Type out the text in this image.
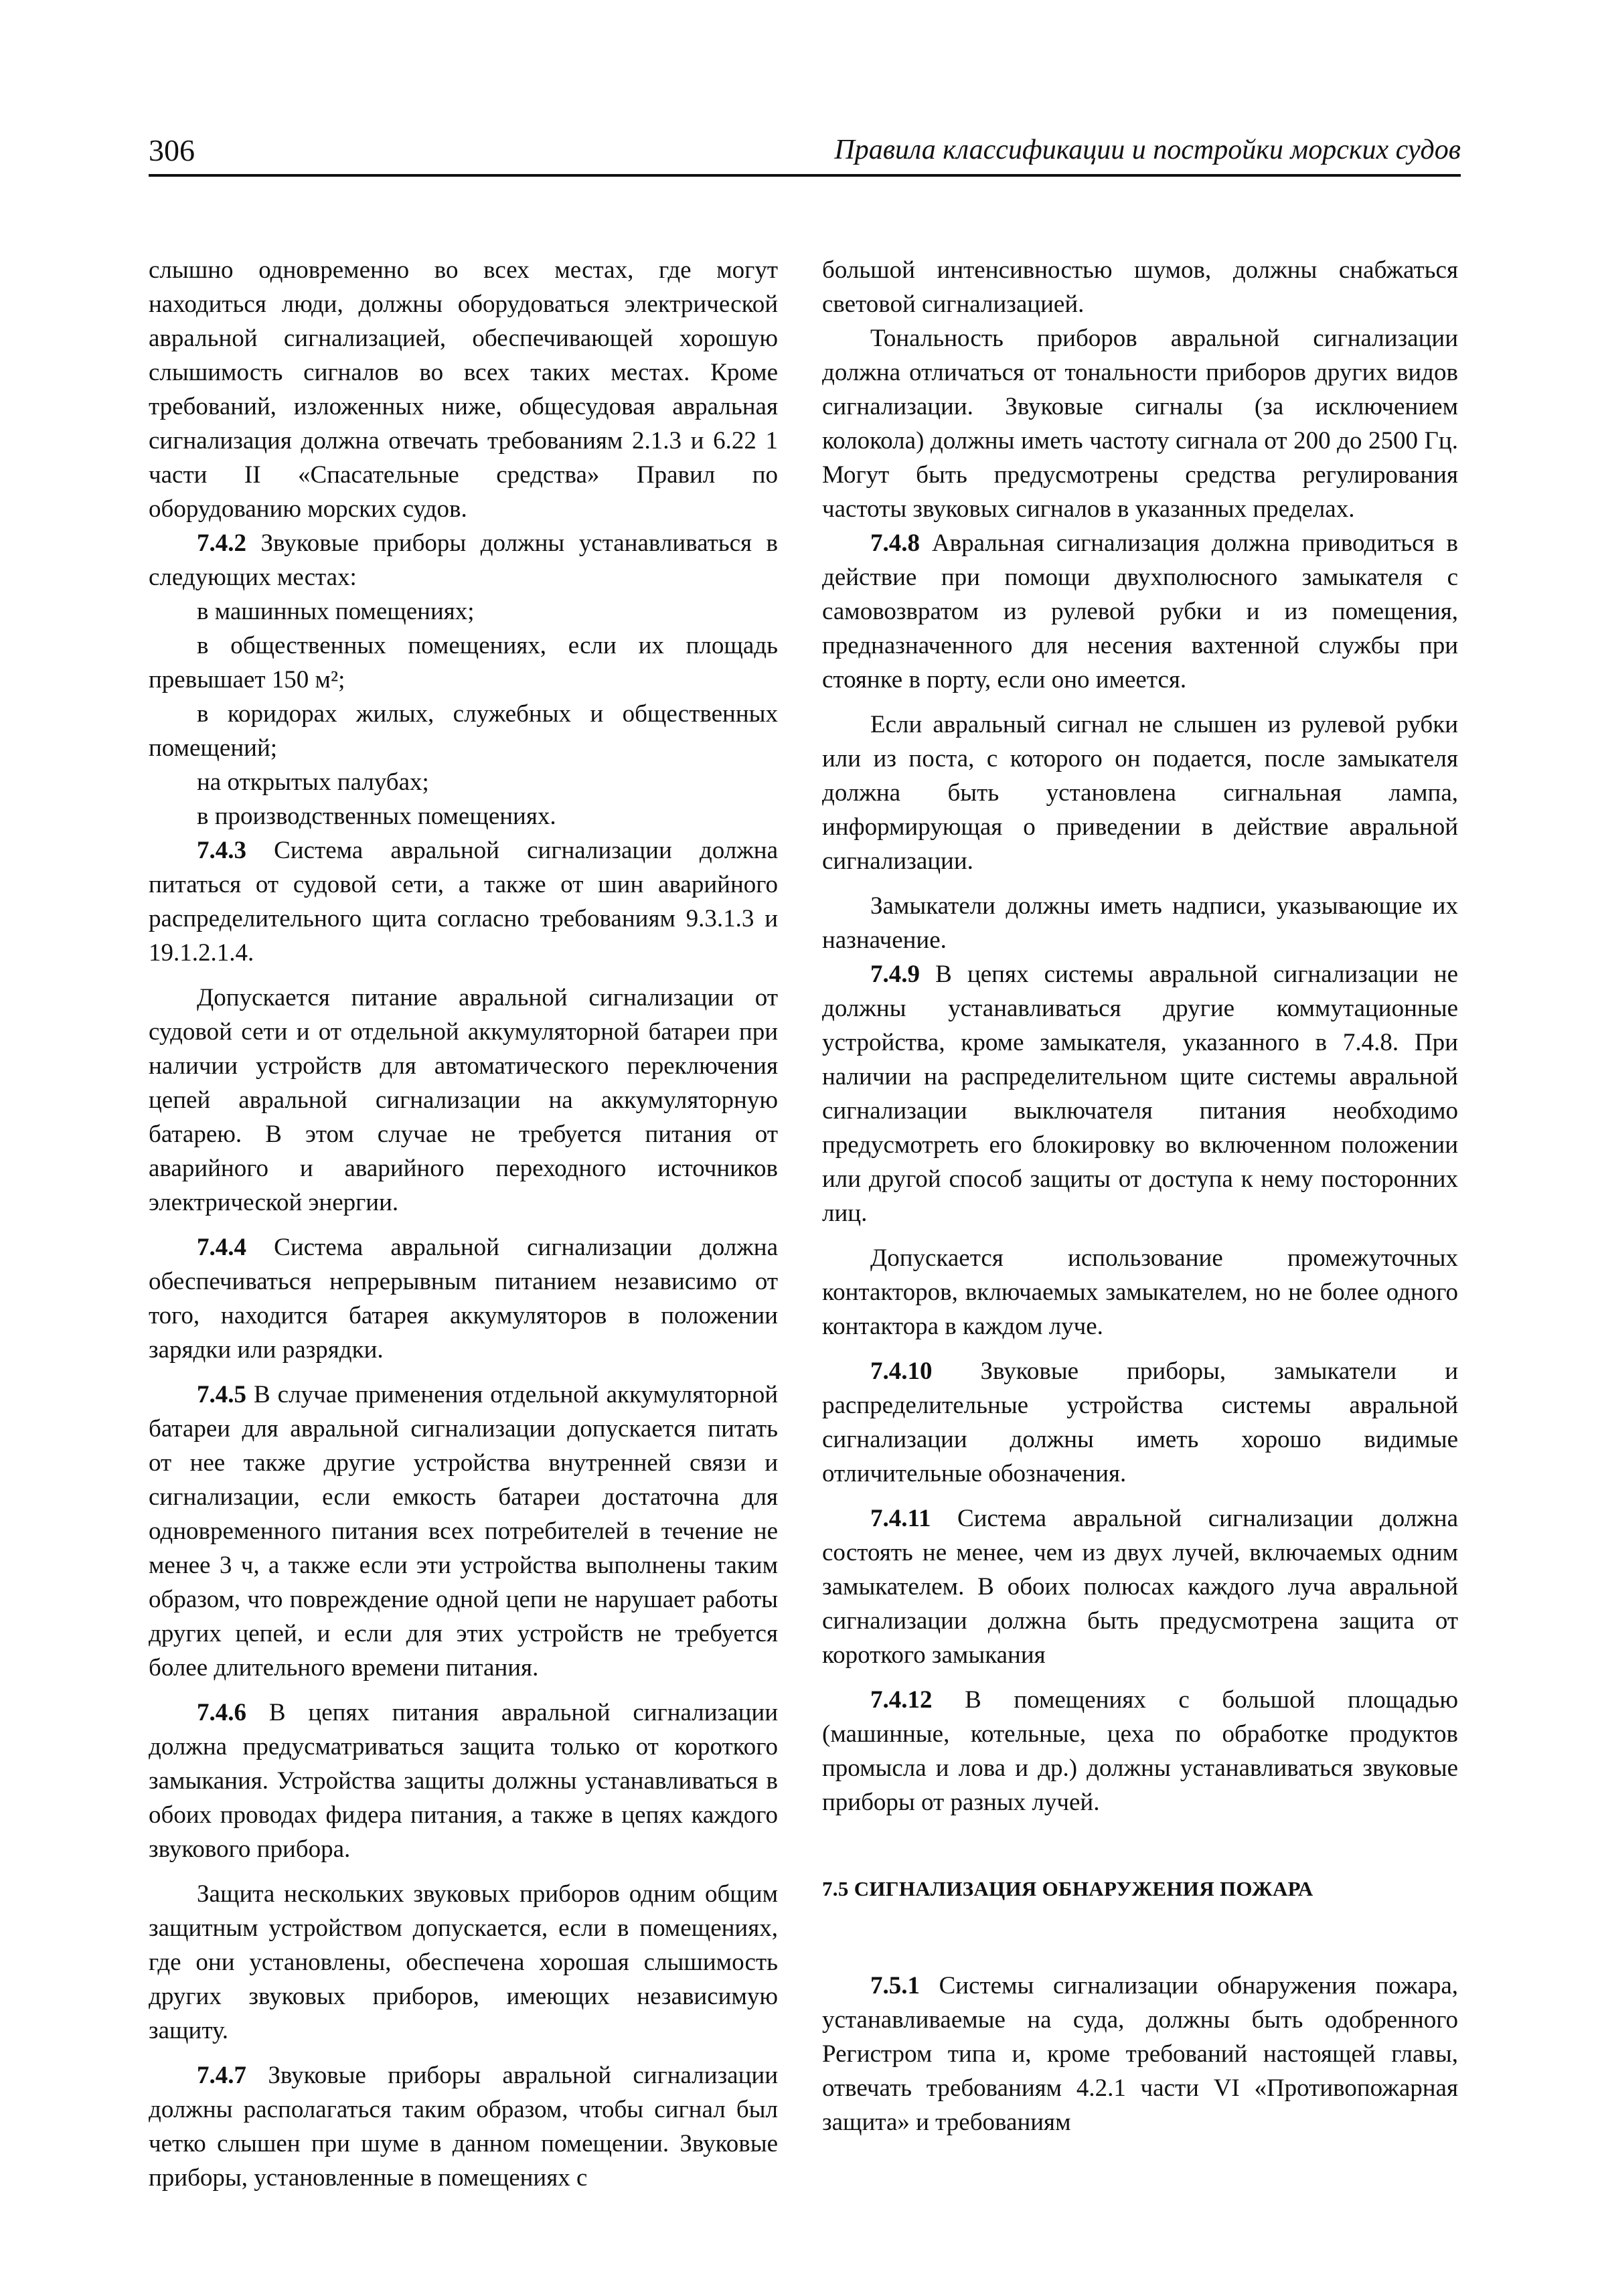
306	Правила классификации и постройки морских судов

слышно одновременно во всех местах, где могут находиться люди, должны оборудоваться электрической авральной сигнализацией, обеспечивающей хорошую слышимость сигналов во всех таких местах. Кроме требований, изложенных ниже, общесудовая авральная сигнализация должна отвечать требованиям 2.1.3 и 6.22 1 части II «Спасательные средства» Правил по оборудованию морских судов.

7.4.2 Звуковые приборы должны устанавливаться в следующих местах:

в машинных помещениях;

в общественных помещениях, если их площадь превышает 150 м²;

в коридорах жилых, служебных и общественных помещений;

на открытых палубах;

в производственных помещениях.

7.4.3 Система авральной сигнализации должна питаться от судовой сети, а также от шин аварийного распределительного щита согласно требованиям 9.3.1.3 и 19.1.2.1.4.

Допускается питание авральной сигнализации от судовой сети и от отдельной аккумуляторной батареи при наличии устройств для автоматического переключения цепей авральной сигнализации на аккумуляторную батарею. В этом случае не требуется питания от аварийного и аварийного переходного источников электрической энергии.

7.4.4 Система авральной сигнализации должна обеспечиваться непрерывным питанием независимо от того, находится батарея аккумуляторов в положении зарядки или разрядки.

7.4.5 В случае применения отдельной аккумуляторной батареи для авральной сигнализации допускается питать от нее также другие устройства внутренней связи и сигнализации, если емкость батареи достаточна для одновременного питания всех потребителей в течение не менее 3 ч, а также если эти устройства выполнены таким образом, что повреждение одной цепи не нарушает работы других цепей, и если для этих устройств не требуется более длительного времени питания.

7.4.6 В цепях питания авральной сигнализации должна предусматриваться защита только от короткого замыкания. Устройства защиты должны устанавливаться в обоих проводах фидера питания, а также в цепях каждого звукового прибора.

Защита нескольких звуковых приборов одним общим защитным устройством допускается, если в помещениях, где они установлены, обеспечена хорошая слышимость других звуковых приборов, имеющих независимую защиту.

7.4.7 Звуковые приборы авральной сигнализации должны располагаться таким образом, чтобы сигнал был четко слышен при шуме в данном помещении. Звуковые приборы, установленные в помещениях с

большой интенсивностью шумов, должны снабжаться световой сигнализацией.

Тональность приборов авральной сигнализации должна отличаться от тональности приборов других видов сигнализации. Звуковые сигналы (за исключением колокола) должны иметь частоту сигнала от 200 до 2500 Гц. Могут быть предусмотрены средства регулирования частоты звуковых сигналов в указанных пределах.

7.4.8 Авральная сигнализация должна приводиться в действие при помощи двухполюсного замыкателя с самовозвратом из рулевой рубки и из помещения, предназначенного для несения вахтенной службы при стоянке в порту, если оно имеется.

Если авральный сигнал не слышен из рулевой рубки или из поста, с которого он подается, после замыкателя должна быть установлена сигнальная лампа, информирующая о приведении в действие авральной сигнализации.

Замыкатели должны иметь надписи, указывающие их назначение.

7.4.9 В цепях системы авральной сигнализации не должны устанавливаться другие коммутационные устройства, кроме замыкателя, указанного в 7.4.8. При наличии на распределительном щите системы авральной сигнализации выключателя питания необходимо предусмотреть его блокировку во включенном положении или другой способ защиты от доступа к нему посторонних лиц.

Допускается использование промежуточных контакторов, включаемых замыкателем, но не более одного контактора в каждом луче.

7.4.10 Звуковые приборы, замыкатели и распределительные устройства системы авральной сигнализации должны иметь хорошо видимые отличительные обозначения.

7.4.11 Система авральной сигнализации должна состоять не менее, чем из двух лучей, включаемых одним замыкателем. В обоих полюсах каждого луча авральной сигнализации должна быть предусмотрена защита от короткого замыкания

7.4.12 В помещениях с большой площадью (машинные, котельные, цеха по обработке продуктов промысла и лова и др.) должны устанавливаться звуковые приборы от разных лучей.

7.5 СИГНАЛИЗАЦИЯ ОБНАРУЖЕНИЯ ПОЖАРА

7.5.1 Системы сигнализации обнаружения пожара, устанавливаемые на суда, должны быть одобренного Регистром типа и, кроме требований настоящей главы, отвечать требованиям 4.2.1 части VI «Противопожарная защита» и требованиям
